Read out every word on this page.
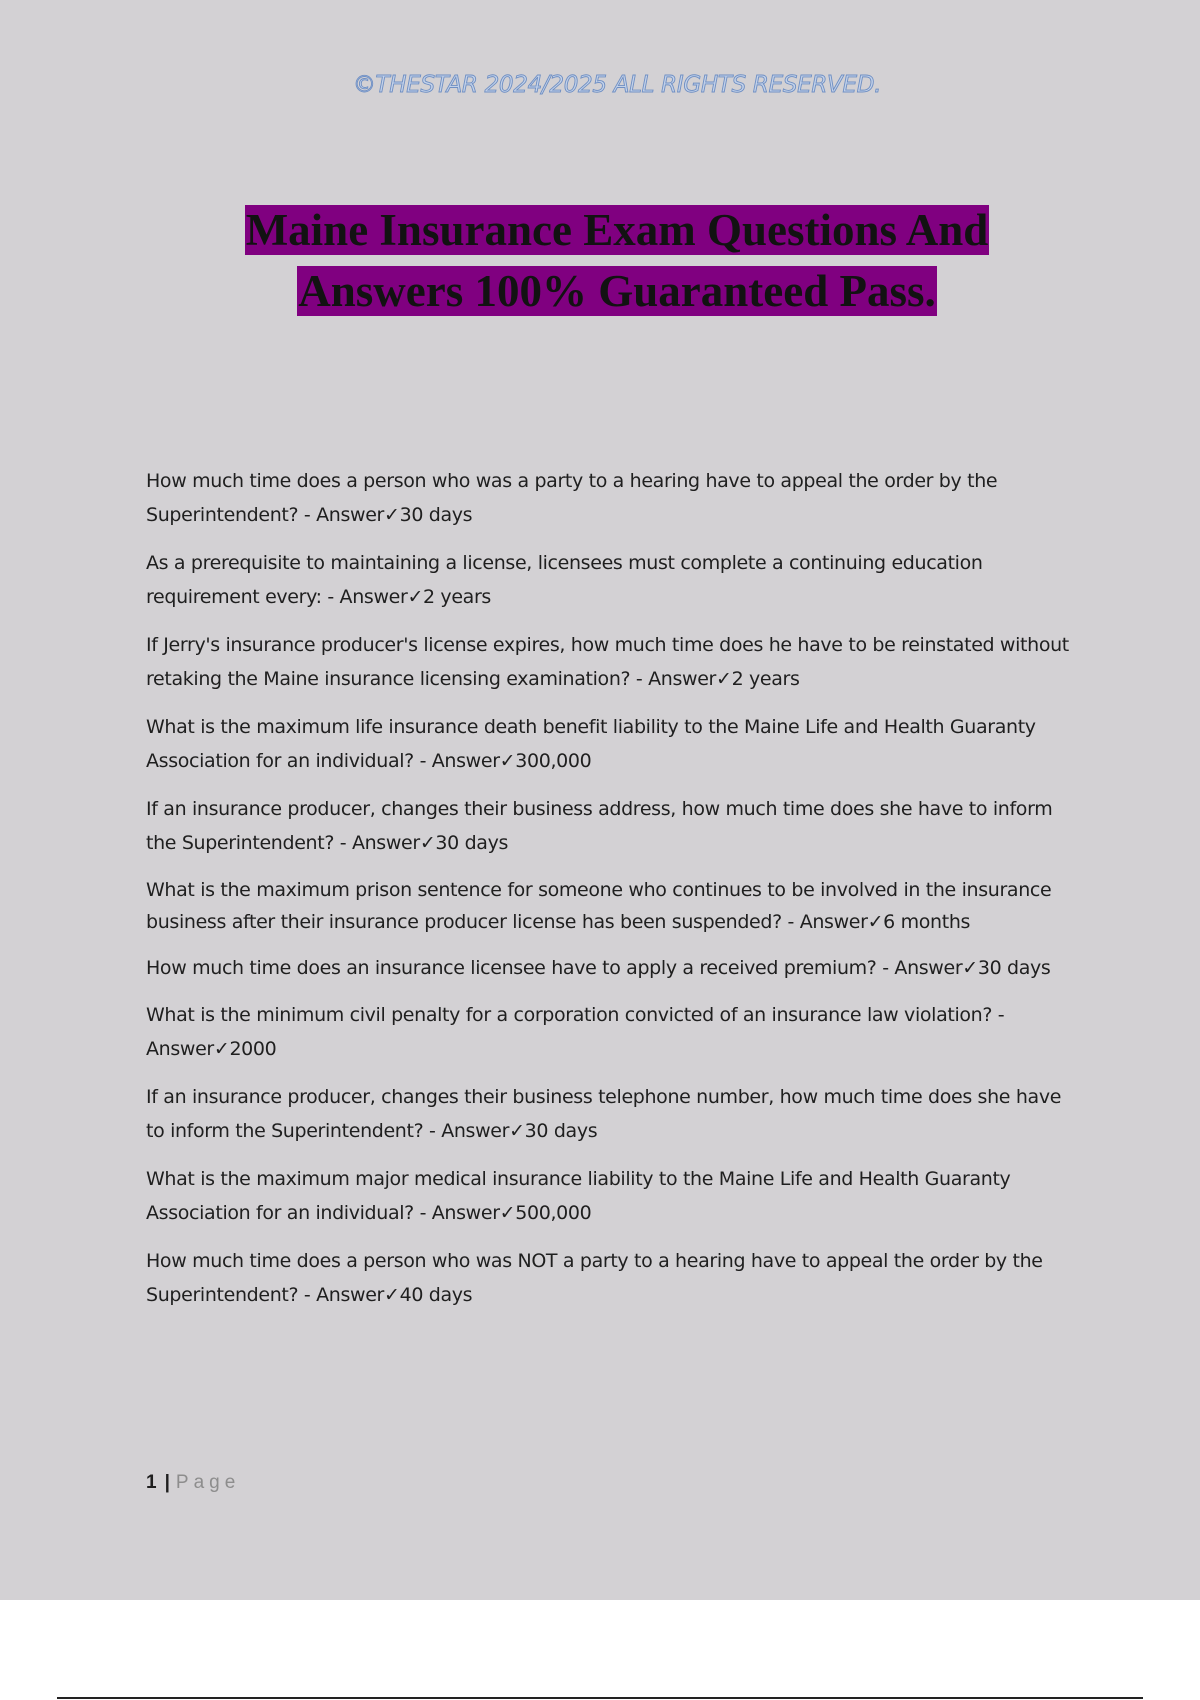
©THESTAR 2024/2025 ALL RIGHTS RESERVED.
Maine Insurance Exam Questions And
Answers 100% Guaranteed Pass.

How much time does a person who was a party to a hearing have to appeal the order by the Superintendent? - Answer✓30 days

As a prerequisite to maintaining a license, licensees must complete a continuing education requirement every: - Answer✓2 years

If Jerry's insurance producer's license expires, how much time does he have to be reinstated without retaking the Maine insurance licensing examination? - Answer✓2 years

What is the maximum life insurance death benefit liability to the Maine Life and Health Guaranty Association for an individual? - Answer✓300,000

If an insurance producer, changes their business address, how much time does she have to inform the Superintendent? - Answer✓30 days

What is the maximum prison sentence for someone who continues to be involved in the insurance business after their insurance producer license has been suspended? - Answer✓6 months

How much time does an insurance licensee have to apply a received premium? - Answer✓30 days

What is the minimum civil penalty for a corporation convicted of an insurance law violation? - Answer✓2000

If an insurance producer, changes their business telephone number, how much time does she have to inform the Superintendent? - Answer✓30 days

What is the maximum major medical insurance liability to the Maine Life and Health Guaranty Association for an individual? - Answer✓500,000

How much time does a person who was NOT a party to a hearing have to appeal the order by the Superintendent? - Answer✓40 days

1 | Page
